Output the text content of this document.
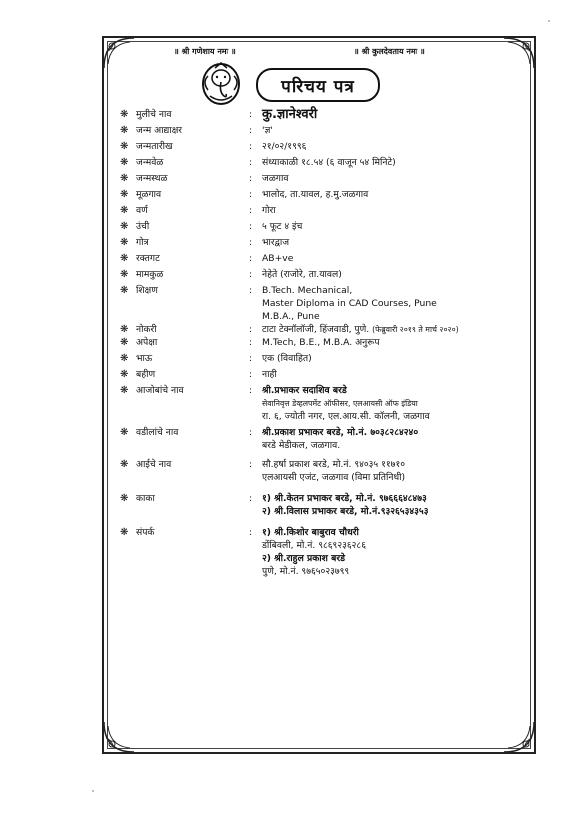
॥ श्री गणेशाय नमः ॥	॥ श्री कुलदेवताय नमः ॥
परिचय पत्र
❋ मुलीचे नाव	: कु.ज्ञानेश्वरी
❋ जन्म आद्याक्षर	: 'ज्ञ'
❋ जन्मतारीख	: २१/०२/१९९६
❋ जन्मवेळ	: संध्याकाळी १८.५४ (६ वाजून ५४ मिनिटे)
❋ जन्मस्थळ	: जळगाव
❋ मूळगाव	: भालोद, ता.यावल, ह.मु.जळगाव
❋ वर्ण	: गोरा
❋ उंची	: ५ फूट ४ इंच
❋ गोत्र	: भारद्वाज
❋ रक्तगट	: AB+ve
❋ मामकुळ	: नेहेते (राजोरे, ता.यावल)
❋ शिक्षण	: B.Tech. Mechanical,
Master Diploma in CAD Courses, Pune
M.B.A., Pune
❋ नोकरी	: टाटा टेक्नॉलॉजी, हिंजवाडी, पुणे. (फेब्रुवारी २०१९ ते मार्च २०२०)
❋ अपेक्षा	: M.Tech, B.E., M.B.A. अनुरूप
❋ भाऊ	: एक (विवाहित)
❋ बहीण	: नाही
❋ आजोबांचे नाव	: श्री.प्रभाकर सदाशिव बरडे
सेवानिवृत्त डेव्हलपमेंट ऑफीसर, एलआयसी ऑफ इंडिया
रा. ६, ज्योती नगर, एल.आय.सी. कॉलनी, जळगाव
❋ वडीलांचे नाव	: श्री.प्रकाश प्रभाकर बरडे, मो.नं. ७०३८२८४२४०
बरडे मेडीकल, जळगाव.
❋ आईचे नाव	: सौ.हर्षा प्रकाश बरडे, मो.नं. ९४०३५ ११७१०
एलआयसी एजंट, जळगाव (विमा प्रतिनिधी)
❋ काका	: १) श्री.केतन प्रभाकर बरडे, मो.नं. ९७६६६४८४७३
२) श्री.विलास प्रभाकर बरडे, मो.नं.९३२६५३४३५३
❋ संपर्क	: १) श्री.किशोर बाबुराव चौधरी
डोंबिवली, मो.नं. ९८६९२३६२८६
२) श्री.राहुल प्रकाश बरडे
पुणे, मो.नं. ९७६५०२३७९९
